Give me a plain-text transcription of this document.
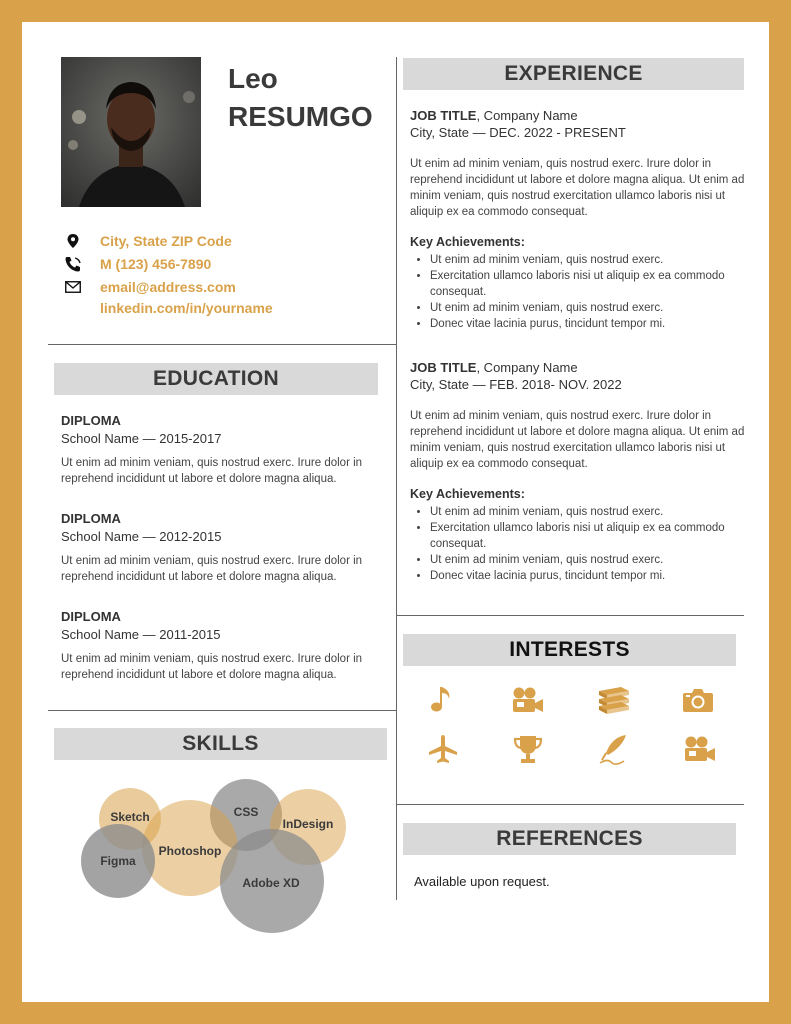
Leo
RESUMGO
City, State ZIP Code
M (123) 456-7890
email@address.com
linkedin.com/in/yourname
EDUCATION
DIPLOMA
School Name — 2015-2017
Ut enim ad minim veniam, quis nostrud exerc. Irure dolor in reprehend incididunt ut labore et dolore magna aliqua.
DIPLOMA
School Name — 2012-2015
Ut enim ad minim veniam, quis nostrud exerc. Irure dolor in reprehend incididunt ut labore et dolore magna aliqua.
DIPLOMA
School Name — 2011-2015
Ut enim ad minim veniam, quis nostrud exerc. Irure dolor in reprehend incididunt ut labore et dolore magna aliqua.
SKILLS
Sketch	CSS
InDesign
Photoshop
Figma
Adobe XD
EXPERIENCE
JOB TITLE, Company Name
City, State — DEC. 2022 - PRESENT
Ut enim ad minim veniam, quis nostrud exerc. Irure dolor in reprehend incididunt ut labore et dolore magna aliqua. Ut enim ad minim veniam, quis nostrud exercitation ullamco laboris nisi ut aliquip ex ea commodo consequat.
Key Achievements:
• Ut enim ad minim veniam, quis nostrud exerc.
• Exercitation ullamco laboris nisi ut aliquip ex ea commodo consequat.
• Ut enim ad minim veniam, quis nostrud exerc.
• Donec vitae lacinia purus, tincidunt tempor mi.
JOB TITLE, Company Name
City, State — FEB. 2018- NOV. 2022
Ut enim ad minim veniam, quis nostrud exerc. Irure dolor in reprehend incididunt ut labore et dolore magna aliqua. Ut enim ad minim veniam, quis nostrud exercitation ullamco laboris nisi ut aliquip ex ea commodo consequat.
Key Achievements:
• Ut enim ad minim veniam, quis nostrud exerc.
• Exercitation ullamco laboris nisi ut aliquip ex ea commodo consequat.
• Ut enim ad minim veniam, quis nostrud exerc.
• Donec vitae lacinia purus, tincidunt tempor mi.
INTERESTS
REFERENCES
Available upon request.
